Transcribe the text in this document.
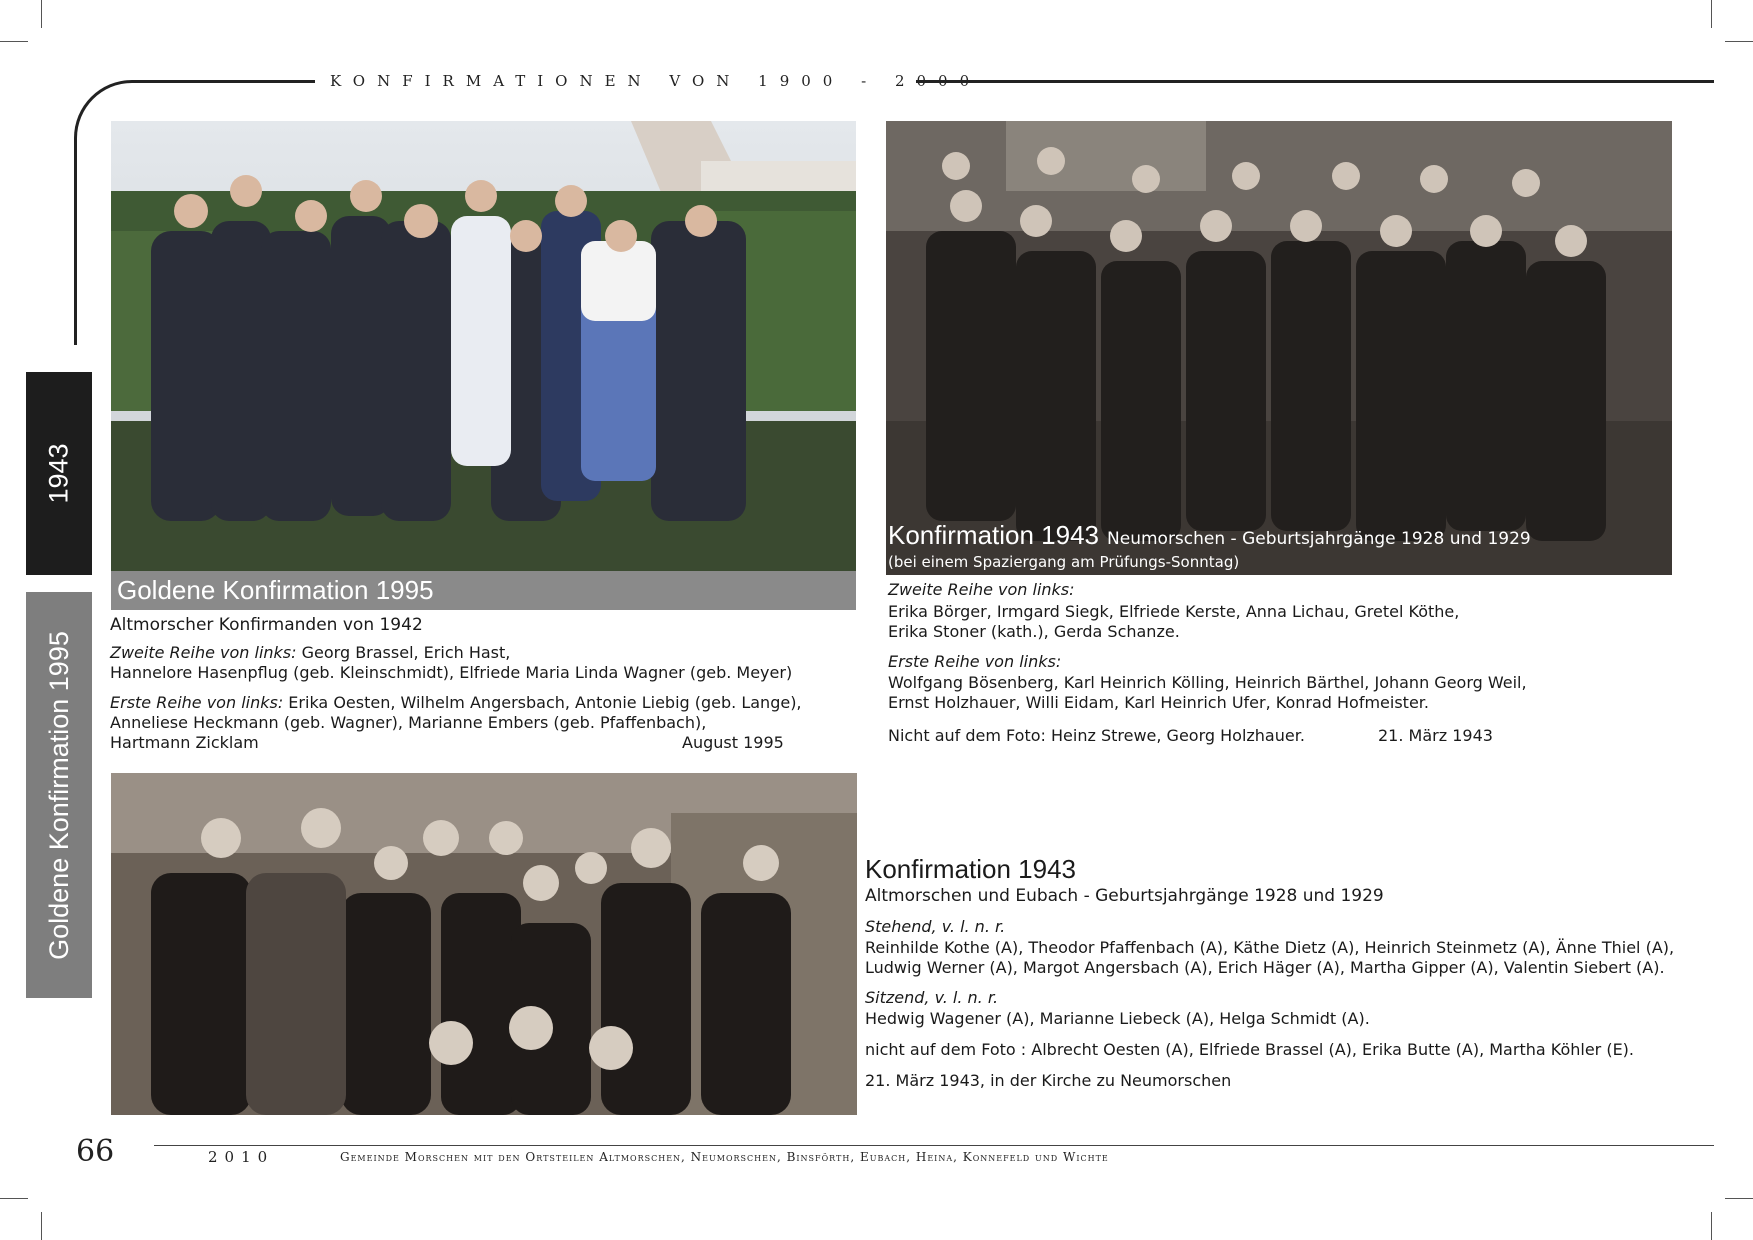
KONFIRMATIONEN VON 1900 - 2000
1943
Goldene Konfirmation 1995
Goldene Konfirmation 1995
Altmorscher Konfirmanden von 1942
Zweite Reihe von links: Georg Brassel, Erich Hast,
Hannelore Hasenpflug (geb. Kleinschmidt), Elfriede Maria Linda Wagner (geb. Meyer)
Erste Reihe von links: Erika Oesten, Wilhelm Angersbach, Antonie Liebig (geb. Lange),
Anneliese Heckmann (geb. Wagner), Marianne Embers (geb. Pfaffenbach),
Hartmann Zicklam	August 1995
Konfirmation 1943 Neumorschen - Geburtsjahrgänge 1928 und 1929
(bei einem Spaziergang am Prüfungs-Sonntag)
Zweite Reihe von links:
Erika Börger, Irmgard Siegk, Elfriede Kerste, Anna Lichau, Gretel Köthe,
Erika Stoner (kath.), Gerda Schanze.
Erste Reihe von links:
Wolfgang Bösenberg, Karl Heinrich Kölling, Heinrich Bärthel, Johann Georg Weil,
Ernst Holzhauer, Willi Eidam, Karl Heinrich Ufer, Konrad Hofmeister.
Nicht auf dem Foto: Heinz Strewe, Georg Holzhauer.	21. März 1943
Konfirmation 1943
Altmorschen und Eubach - Geburtsjahrgänge 1928 und 1929
Stehend, v. l. n. r.
Reinhilde Kothe (A), Theodor Pfaffenbach (A), Käthe Dietz (A), Heinrich Steinmetz (A), Änne Thiel (A),
Ludwig Werner (A), Margot Angersbach (A), Erich Häger (A), Martha Gipper (A), Valentin Siebert (A).
Sitzend, v. l. n. r.
Hedwig Wagener (A), Marianne Liebeck (A), Helga Schmidt (A).
nicht auf dem Foto : Albrecht Oesten (A), Elfriede Brassel (A), Erika Butte (A), Martha Köhler (E).
21. März 1943, in der Kirche zu Neumorschen
66	2010	Gemeinde Morschen mit den Ortsteilen Altmorschen, Neumorschen, Binsförth, Eubach, Heina, Konnefeld und Wichte
